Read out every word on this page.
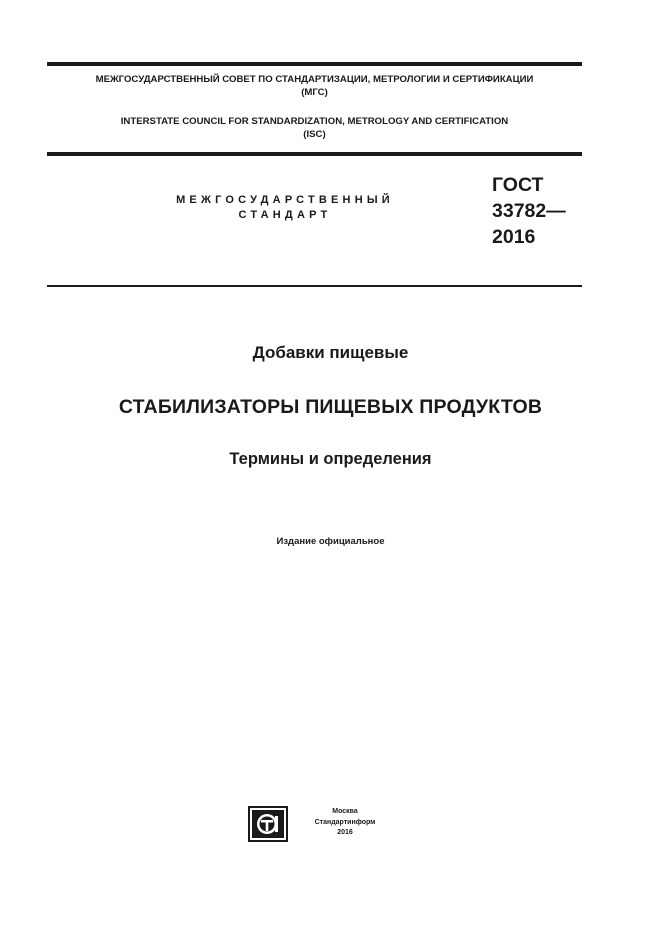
МЕЖГОСУДАРСТВЕННЫЙ СОВЕТ ПО СТАНДАРТИЗАЦИИ, МЕТРОЛОГИИ И СЕРТИФИКАЦИИ
(МГС)
INTERSTATE COUNCIL FOR STANDARDIZATION, METROLOGY AND CERTIFICATION
(ISC)
МЕЖГОСУДАРСТВЕННЫЙ
СТАНДАРТ
ГОСТ
33782—
2016
Добавки пищевые
СТАБИЛИЗАТОРЫ ПИЩЕВЫХ ПРОДУКТОВ
Термины и определения
Издание официальное
Москва
Стандартинформ
2016
